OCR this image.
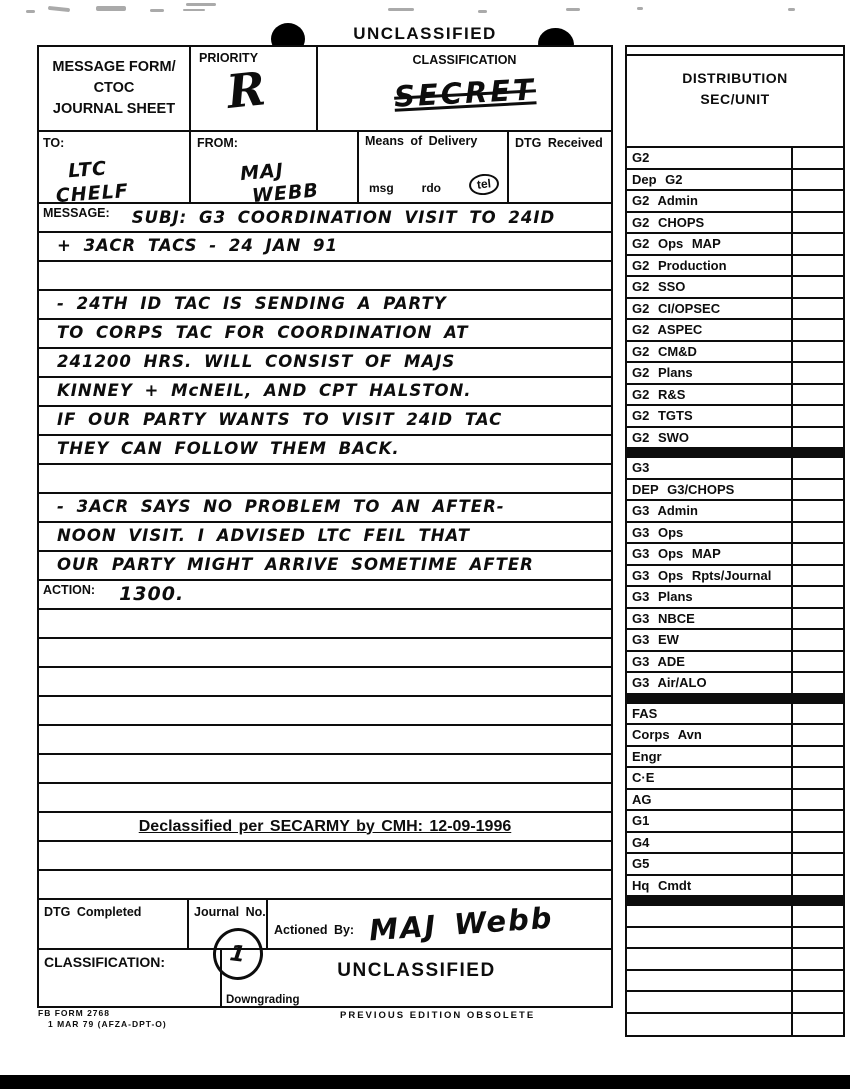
UNCLASSIFIED
MESSAGE FORM/
CTOC
JOURNAL SHEET
PRIORITY
R
CLASSIFICATION
SECRET
TO:
LTC
CHELF
FROM:
MAJ
WEBB
Means of Delivery
msg rdo	tel
DTG Received
MESSAGE:	SUBJ: G3 COORDINATION VISIT TO 24ID
+ 3ACR TACS - 24 JAN 91
- 24TH ID TAC IS SENDING A PARTY
TO CORPS TAC FOR COORDINATION AT
241200 HRS. WILL CONSIST OF MAJS
KINNEY + McNEIL, AND CPT HALSTON.
IF OUR PARTY WANTS TO VISIT 24ID TAC
THEY CAN FOLLOW THEM BACK.
- 3ACR SAYS NO PROBLEM TO AN AFTER-
NOON VISIT. I ADVISED LTC FEIL THAT
OUR PARTY MIGHT ARRIVE SOMETIME AFTER
ACTION:	1300.
Declassified per SECARMY by CMH: 12-09-1996
DTG Completed	Journal No.
Actioned By: MAJ Webb
CLASSIFICATION:	UNCLASSIFIED
Downgrading
1
FB FORM 2768
1 MAR 79 (AFZA-DPT-O)
PREVIOUS EDITION OBSOLETE
DISTRIBUTION
SEC/UNIT
G2
Dep G2
G2 Admin
G2 CHOPS
G2 Ops MAP
G2 Production
G2 SSO
G2 CI/OPSEC
G2 ASPEC
G2 CM&D
G2 Plans
G2 R&S
G2 TGTS
G2 SWO
G3
DEP G3/CHOPS
G3 Admin
G3 Ops
G3 Ops MAP
G3 Ops Rpts/Journal
G3 Plans
G3 NBCE
G3 EW
G3 ADE
G3 Air/ALO
FAS
Corps Avn
Engr
C·E
AG
G1
G4
G5
Hq Cmdt
